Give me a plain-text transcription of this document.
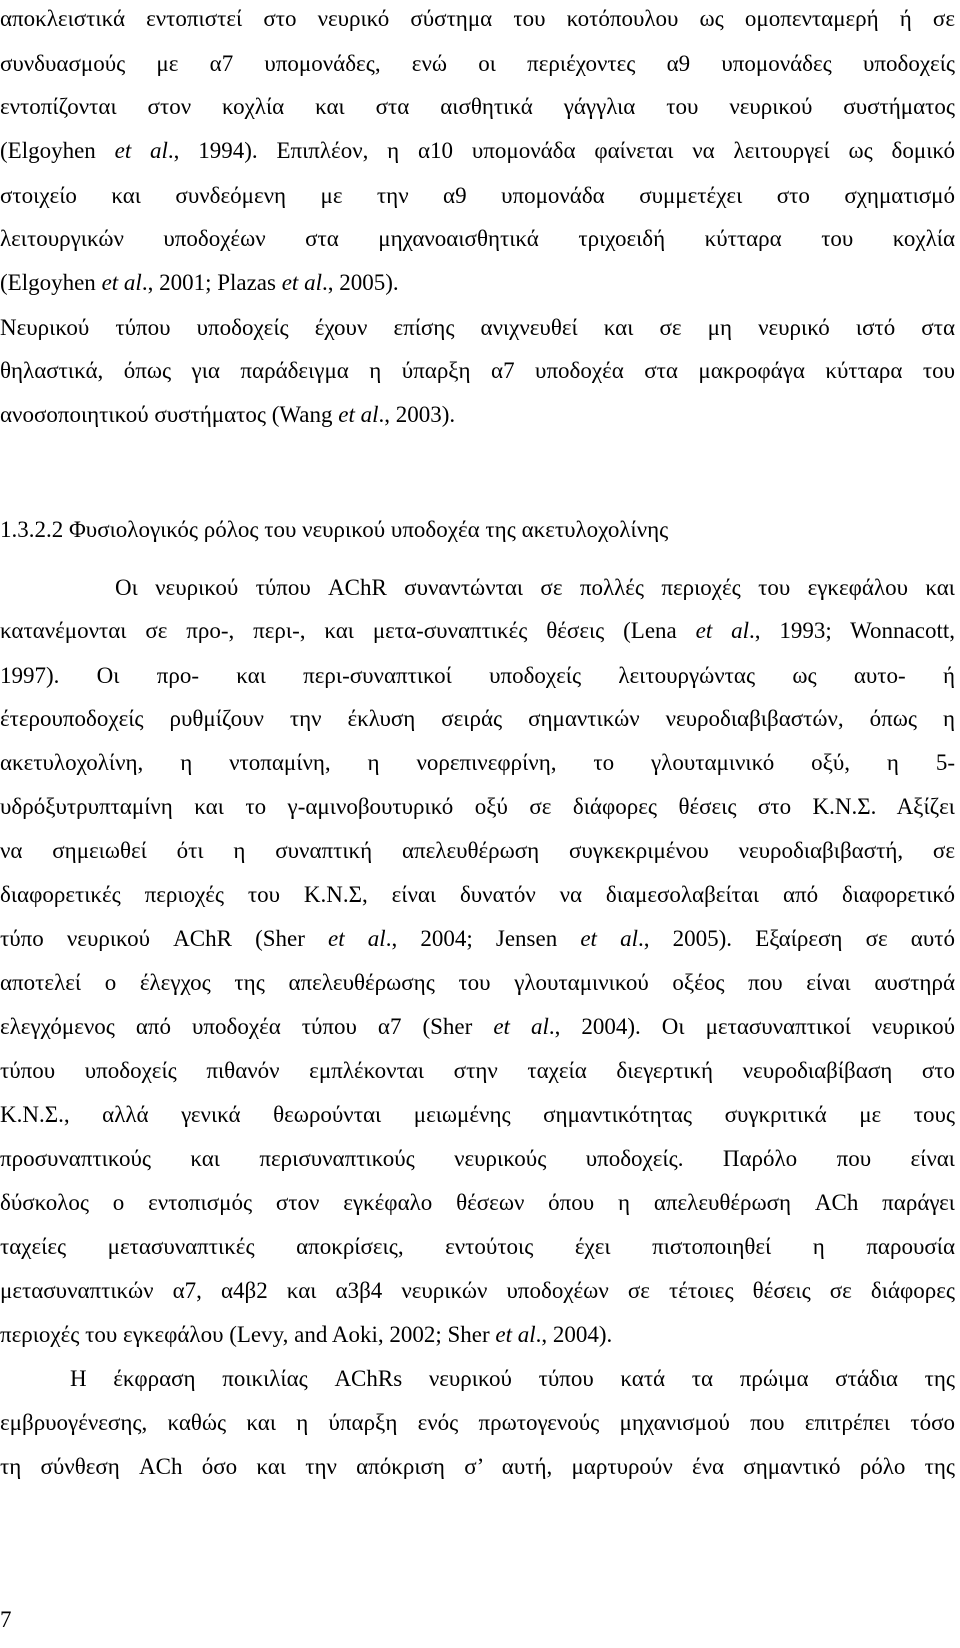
αποκλειστικά εντοπιστεί στο νευρικό σύστημα του κοτόπουλου ως ομοπενταμερή ή σε
συνδυασμούς με α7 υπομονάδες, ενώ οι περιέχοντες α9 υπομονάδες υποδοχείς
εντοπίζονται στον κοχλία και στα αισθητικά γάγγλια του νευρικού συστήματος
(Elgoyhen et al., 1994). Επιπλέον, η α10 υπομονάδα φαίνεται να λειτουργεί ως δομικό
στοιχείο και συνδεόμενη με την α9 υπομονάδα συμμετέχει στο σχηματισμό
λειτουργικών υποδοχέων στα μηχανοαισθητικά τριχοειδή κύτταρα του κοχλία
(Elgoyhen et al., 2001; Plazas et al., 2005).
Νευρικού τύπου υποδοχείς έχουν επίσης ανιχνευθεί και σε μη νευρικό ιστό στα
θηλαστικά, όπως για παράδειγμα η ύπαρξη α7 υποδοχέα στα μακροφάγα κύτταρα του
ανοσοποιητικού συστήματος (Wang et al., 2003).
1.3.2.2 Φυσιολογικός ρόλος του νευρικού υποδοχέα της ακετυλοχολίνης
Οι νευρικού τύπου AChR συναντώνται σε πολλές περιοχές του εγκεφάλου και
κατανέμονται σε προ-, περι-, και μετα-συναπτικές θέσεις (Lena et al., 1993; Wonnacott,
1997). Οι προ- και περι-συναπτικοί υποδοχείς λειτουργώντας ως αυτο- ή
έτερουποδοχείς ρυθμίζουν την έκλυση σειράς σημαντικών νευροδιαβιβαστών, όπως η
ακετυλοχολίνη, η ντοπαμίνη, η νορεπινεφρίνη, το γλουταμινικό οξύ, η 5-
υδρόξυτρυπταμίνη και το γ-αμινοβουτυρικό οξύ σε διάφορες θέσεις στο Κ.Ν.Σ. Αξίζει
να σημειωθεί ότι η συναπτική απελευθέρωση συγκεκριμένου νευροδιαβιβαστή, σε
διαφορετικές περιοχές του Κ.Ν.Σ, είναι δυνατόν να διαμεσολαβείται από διαφορετικό
τύπο νευρικού AChR (Sher et al., 2004; Jensen et al., 2005). Εξαίρεση σε αυτό
αποτελεί ο έλεγχος της απελευθέρωσης του γλουταμινικού οξέος που είναι αυστηρά
ελεγχόμενος από υποδοχέα τύπου α7 (Sher et al., 2004). Οι μετασυναπτικοί νευρικού
τύπου υποδοχείς πιθανόν εμπλέκονται στην ταχεία διεγερτική νευροδιαβίβαση στο
Κ.Ν.Σ., αλλά γενικά θεωρούνται μειωμένης σημαντικότητας συγκριτικά με τους
προσυναπτικούς και περισυναπτικούς νευρικούς υποδοχείς. Παρόλο που είναι
δύσκολος ο εντοπισμός στον εγκέφαλο θέσεων όπου η απελευθέρωση ACh παράγει
ταχείες μετασυναπτικές αποκρίσεις, εντούτοις έχει πιστοποιηθεί η παρουσία
μετασυναπτικών α7, α4β2 και α3β4 νευρικών υποδοχέων σε τέτοιες θέσεις σε διάφορες
περιοχές του εγκεφάλου (Levy, and Aoki, 2002; Sher et al., 2004).
Η έκφραση ποικιλίας AChRs νευρικού τύπου κατά τα πρώιμα στάδια της
εμβρυογένεσης, καθώς και η ύπαρξη ενός πρωτογενούς μηχανισμού που επιτρέπει τόσο
τη σύνθεση ACh όσο και την απόκριση σ’ αυτή, μαρτυρούν ένα σημαντικό ρόλο της
7
